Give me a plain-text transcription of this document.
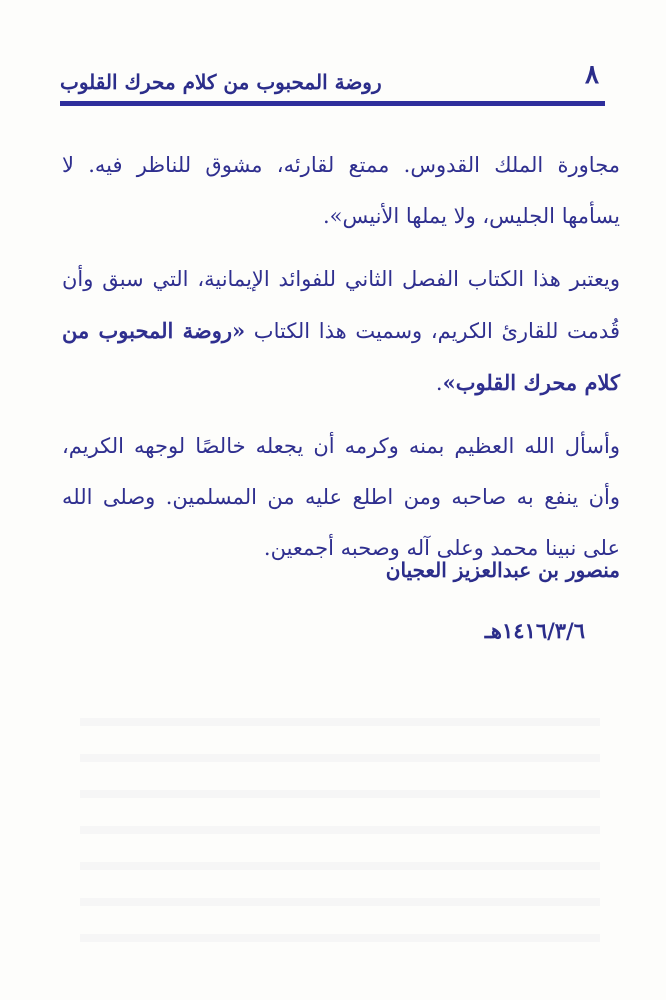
٨
روضة المحبوب من كلام محرك القلوب

مجاورة الملك القدوس. ممتع لقارئه، مشوق للناظر فيه. لا يسأمها الجليس، ولا يملها الأنيس».

ويعتبر هذا الكتاب الفصل الثاني للفوائد الإيمانية، التي سبق وأن قُدمت للقارئ الكريم، وسميت هذا الكتاب «روضة المحبوب من كلام محرك القلوب».

وأسأل الله العظيم بمنه وكرمه أن يجعله خالصًا لوجهه الكريم، وأن ينفع به صاحبه ومن اطلع عليه من المسلمين. وصلى الله على نبينا محمد وعلى آله وصحبه أجمعين.

منصور بن عبدالعزيز العجيان
١٤١٦/٣/٦هـ
